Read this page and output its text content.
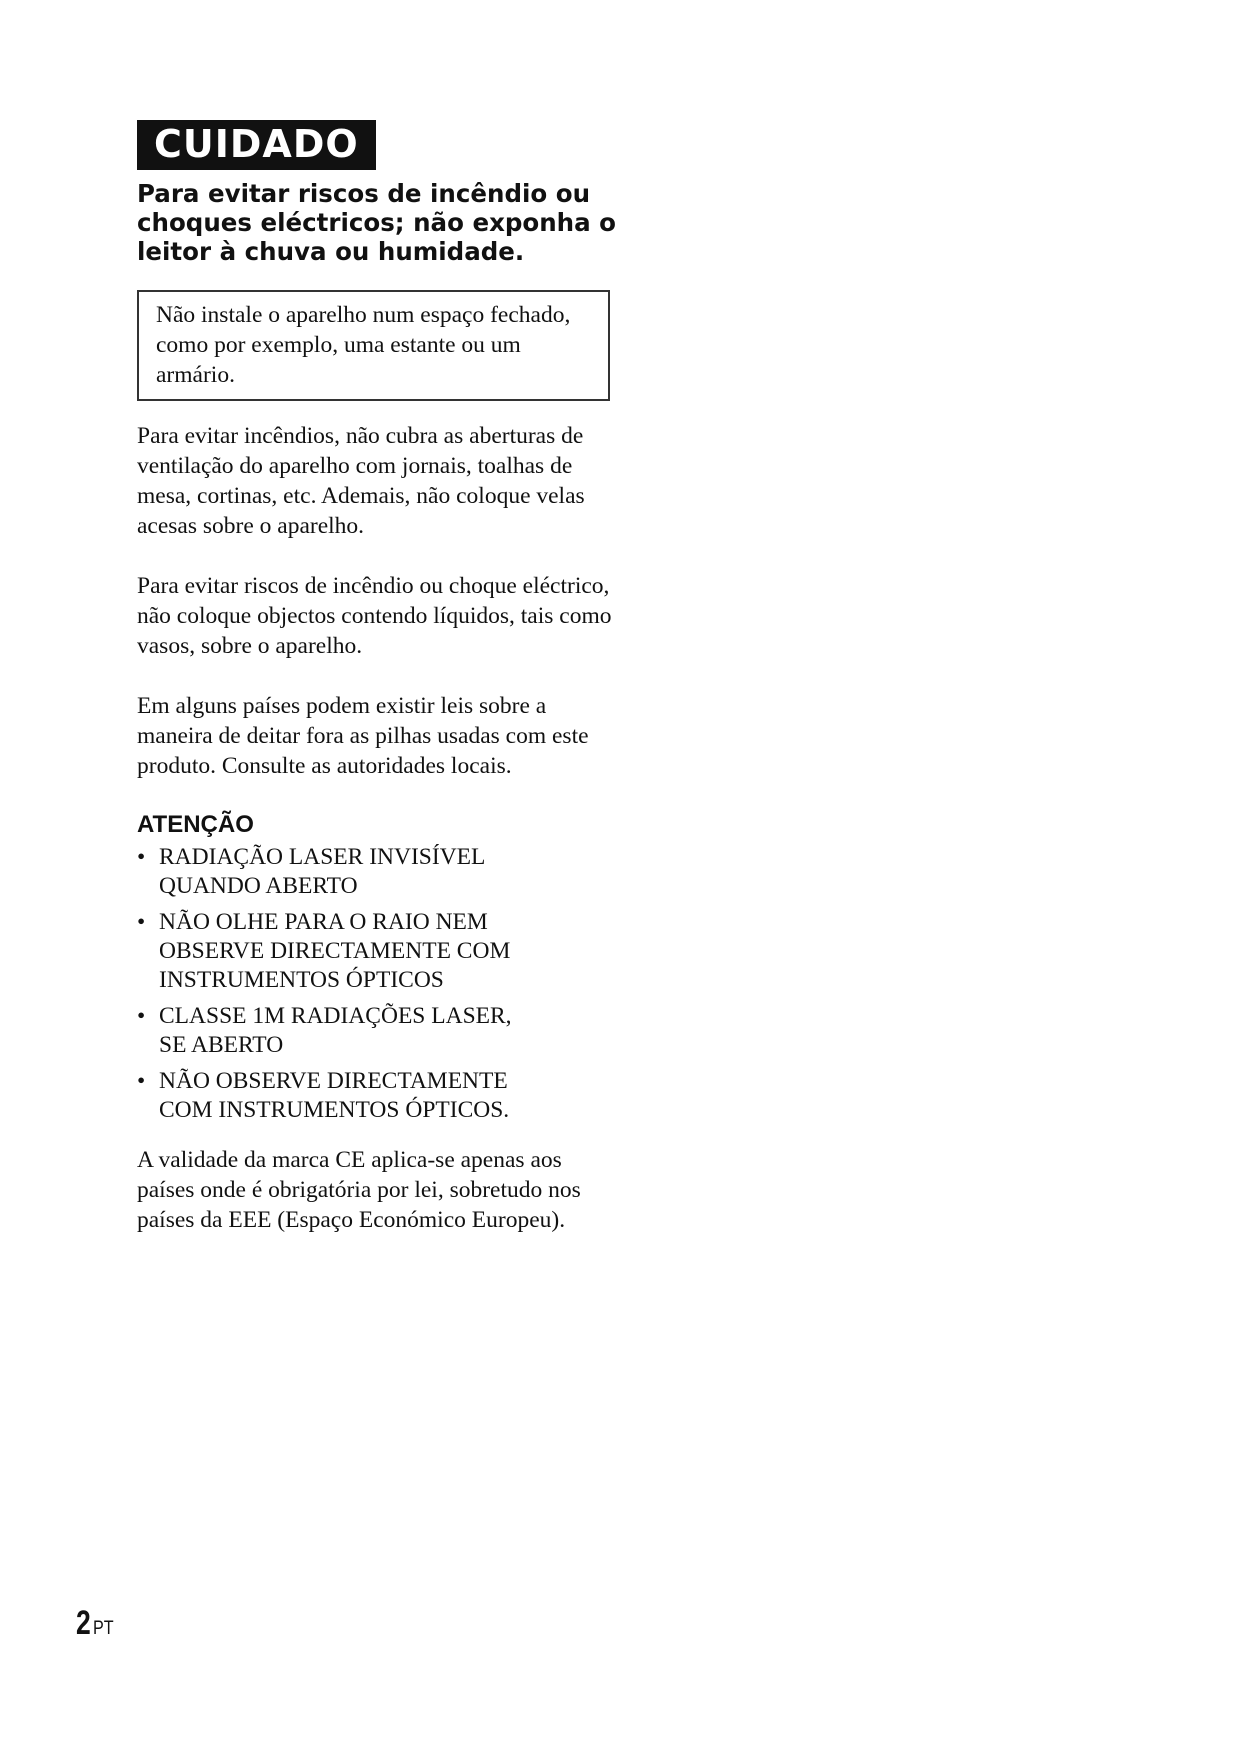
CUIDADO
Para evitar riscos de incêndio ou choques eléctricos; não exponha o leitor à chuva ou humidade.
Não instale o aparelho num espaço fechado, como por exemplo, uma estante ou um armário.

Para evitar incêndios, não cubra as aberturas de ventilação do aparelho com jornais, toalhas de mesa, cortinas, etc. Ademais, não coloque velas acesas sobre o aparelho.

Para evitar riscos de incêndio ou choque eléctrico, não coloque objectos contendo líquidos, tais como vasos, sobre o aparelho.

Em alguns países podem existir leis sobre a maneira de deitar fora as pilhas usadas com este produto. Consulte as autoridades locais.

ATENÇÃO
• RADIAÇÃO LASER INVISÍVEL
QUANDO ABERTO
• NÃO OLHE PARA O RAIO NEM
OBSERVE DIRECTAMENTE COM
INSTRUMENTOS ÓPTICOS
• CLASSE 1M RADIAÇÕES LASER,
SE ABERTO
• NÃO OBSERVE DIRECTAMENTE
COM INSTRUMENTOS ÓPTICOS.

A validade da marca CE aplica-se apenas aos países onde é obrigatória por lei, sobretudo nos países da EEE (Espaço Económico Europeu).

2 PT
